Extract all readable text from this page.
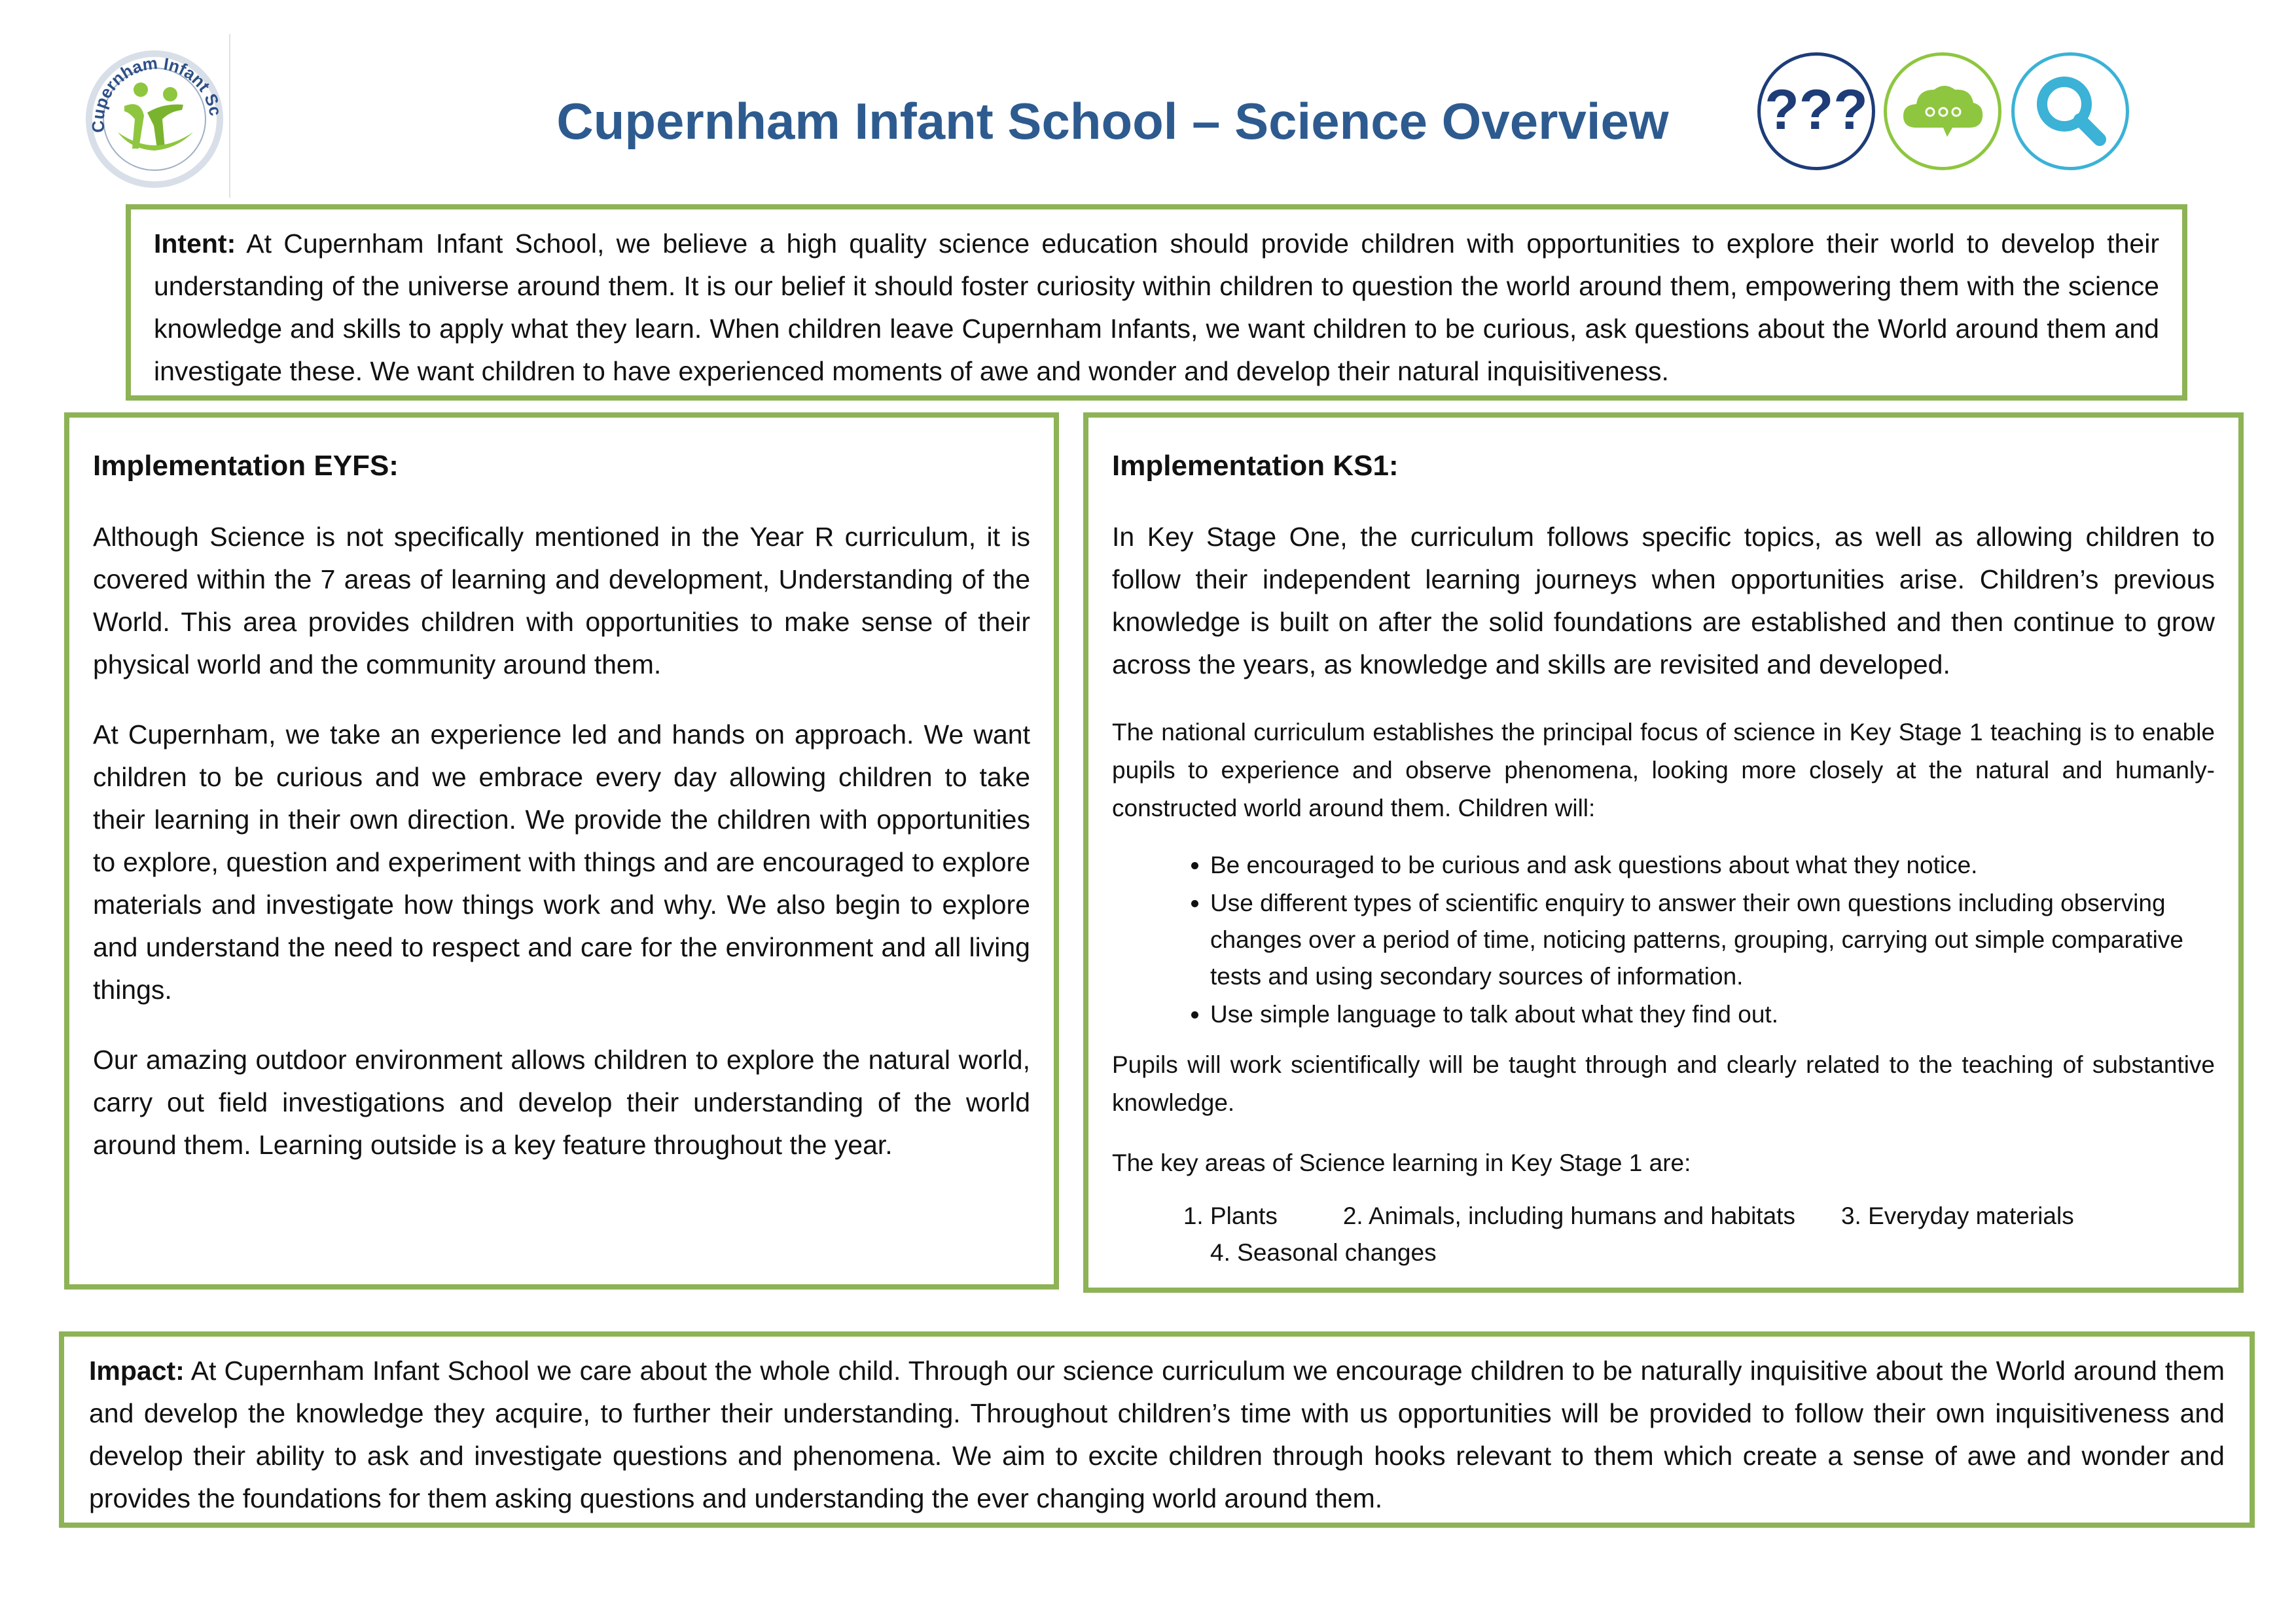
Cupernham Infant Sc	Cupernham Infant School – Science Overview	???
Intent: At Cupernham Infant School, we believe a high quality science education should provide children with opportunities to explore their world to develop their understanding of the universe around them. It is our belief it should foster curiosity within children to question the world around them, empowering them with the science knowledge and skills to apply what they learn. When children leave Cupernham Infants, we want children to be curious, ask questions about the World around them and investigate these. We want children to have experienced moments of awe and wonder and develop their natural inquisitiveness.
Implementation EYFS:

Although Science is not specifically mentioned in the Year R curriculum, it is covered within the 7 areas of learning and development, Understanding of the World. This area provides children with opportunities to make sense of their physical world and the community around them.

At Cupernham, we take an experience led and hands on approach. We want children to be curious and we embrace every day allowing children to take their learning in their own direction. We provide the children with opportunities to explore, question and experiment with things and are encouraged to explore materials and investigate how things work and why. We also begin to explore and understand the need to respect and care for the environment and all living things.

Our amazing outdoor environment allows children to explore the natural world, carry out field investigations and develop their understanding of the world around them. Learning outside is a key feature throughout the year.

Implementation KS1:

In Key Stage One, the curriculum follows specific topics, as well as allowing children to follow their independent learning journeys when opportunities arise. Children’s previous knowledge is built on after the solid foundations are established and then continue to grow across the years, as knowledge and skills are revisited and developed.

The national curriculum establishes the principal focus of science in Key Stage 1 teaching is to enable pupils to experience and observe phenomena, looking more closely at the natural and humanly-constructed world around them. Children will:

• Be encouraged to be curious and ask questions about what they notice.
• Use different types of scientific enquiry to answer their own questions including observing changes over a period of time, noticing patterns, grouping, carrying out simple comparative tests and using secondary sources of information.
• Use simple language to talk about what they find out.

Pupils will work scientifically will be taught through and clearly related to the teaching of substantive knowledge.

The key areas of Science learning in Key Stage 1 are:

1. Plants	2. Animals, including humans and habitats 3. Everyday materials
4. Seasonal changes
Impact: At Cupernham Infant School we care about the whole child. Through our science curriculum we encourage children to be naturally inquisitive about the World around them and develop the knowledge they acquire, to further their understanding. Throughout children’s time with us opportunities will be provided to follow their own inquisitiveness and develop their ability to ask and investigate questions and phenomena. We aim to excite children through hooks relevant to them which create a sense of awe and wonder and provides the foundations for them asking questions and understanding the ever changing world around them.
